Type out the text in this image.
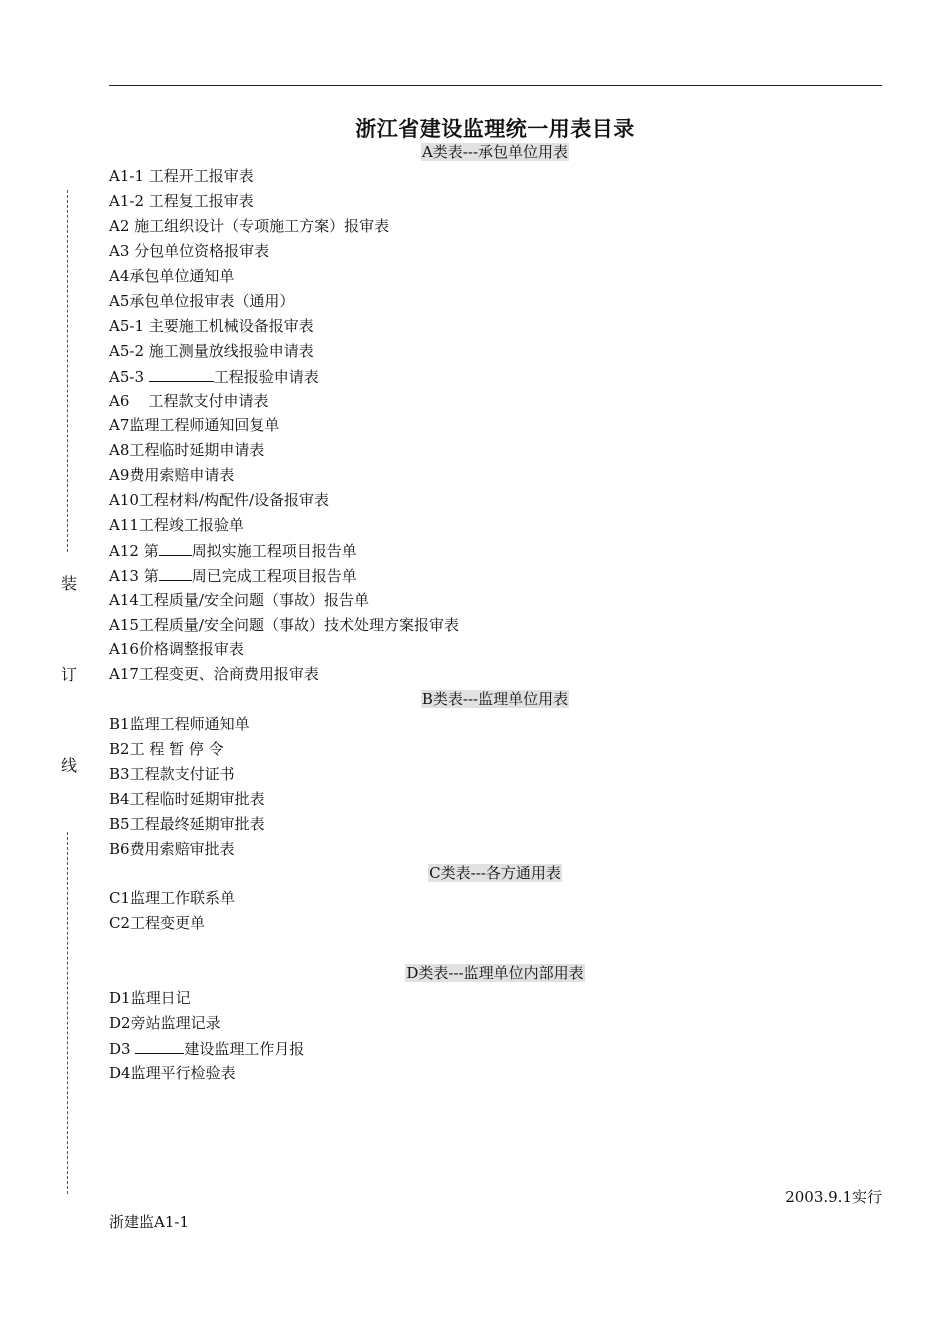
装
订
线
浙江省建设监理统一用表目录
A类表---承包单位用表
A1-1 工程开工报审表
A1-2 工程复工报审表
A2 施工组织设计（专项施工方案）报审表
A3 分包单位资格报审表
A4承包单位通知单
A5承包单位报审表（通用）
A5-1 主要施工机械设备报审表
A5-2 施工测量放线报验申请表
A5-3	工程报验申请表
A6    工程款支付申请表
A7监理工程师通知回复单
A8工程临时延期申请表
A9费用索赔申请表
A10工程材料/构配件/设备报审表
A11工程竣工报验单
A12 第 周拟实施工程项目报告单
A13 第 周已完成工程项目报告单
A14工程质量/安全问题（事故）报告单
A15工程质量/安全问题（事故）技术处理方案报审表
A16价格调整报审表
A17工程变更、洽商费用报审表
B类表---监理单位用表
B1监理工程师通知单
B2工 程 暂 停 令
B3工程款支付证书
B4工程临时延期审批表
B5工程最终延期审批表
B6费用索赔审批表
C类表---各方通用表
C1监理工作联系单
C2工程变更单
D类表---监理单位内部用表
D1监理日记
D2旁站监理记录
D3	建设监理工作月报
D4监理平行检验表
2003.9.1实行
浙建监A1-1
